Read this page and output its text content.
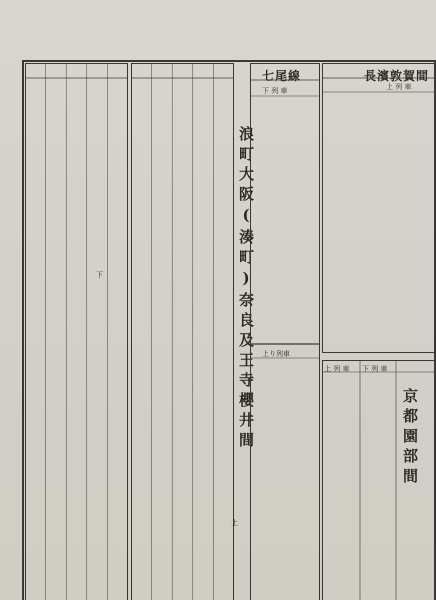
浪町大阪(湊町)奈良及王寺櫻井間
下
上
七尾線
下 列 車
上り列車
長濱敦賀間
上 列 車
上 列 車 下 列 車
京都園部間
